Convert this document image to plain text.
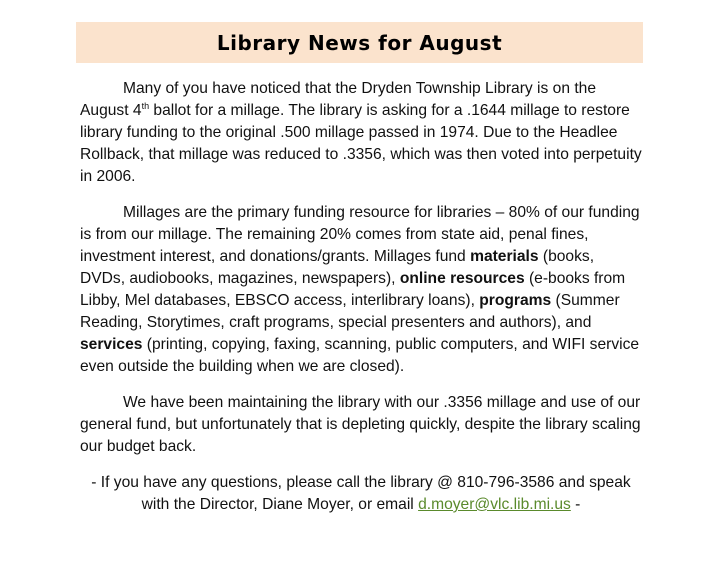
Library News for August

Many of you have noticed that the Dryden Township Library is on the August 4th ballot for a millage. The library is asking for a .1644 millage to restore library funding to the original .500 millage passed in 1974. Due to the Headlee Rollback, that millage was reduced to .3356, which was then voted into perpetuity in 2006.

Millages are the primary funding resource for libraries – 80% of our funding is from our millage. The remaining 20% comes from state aid, penal fines, investment interest, and donations/grants. Millages fund materials (books, DVDs, audiobooks, magazines, newspapers), online resources (e-books from Libby, Mel databases, EBSCO access, interlibrary loans), programs (Summer Reading, Storytimes, craft programs, special presenters and authors), and services (printing, copying, faxing, scanning, public computers, and WIFI service even outside the building when we are closed).

We have been maintaining the library with our .3356 millage and use of our general fund, but unfortunately that is depleting quickly, despite the library scaling our budget back.

- If you have any questions, please call the library @ 810-796-3586 and speak with the Director, Diane Moyer, or email d.moyer@vlc.lib.mi.us -
